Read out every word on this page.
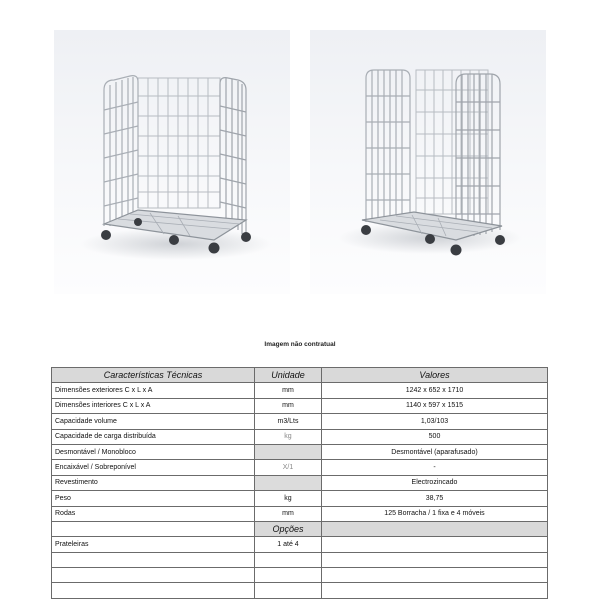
Imagem não contratual
Características Técnicas	Unidade	Valores
Dimensões exteriores C x L x A	mm	1242 x 652 x 1710
Dimensões interiores C x L x A	mm	1140 x 597 x 1515
Capacidade volume	m3/Lts	1,03/103
Capacidade de carga distribuída	kg	500
Desmontável / Monobloco		Desmontável (aparafusado)
Encaixável / Sobreponível	X/1	-
Revestimento		Electrozincado
Peso	kg	38,75
Rodas	mm	125 Borracha / 1 fixa e 4 móveis
	Opções	
Prateleiras	1 até 4	
